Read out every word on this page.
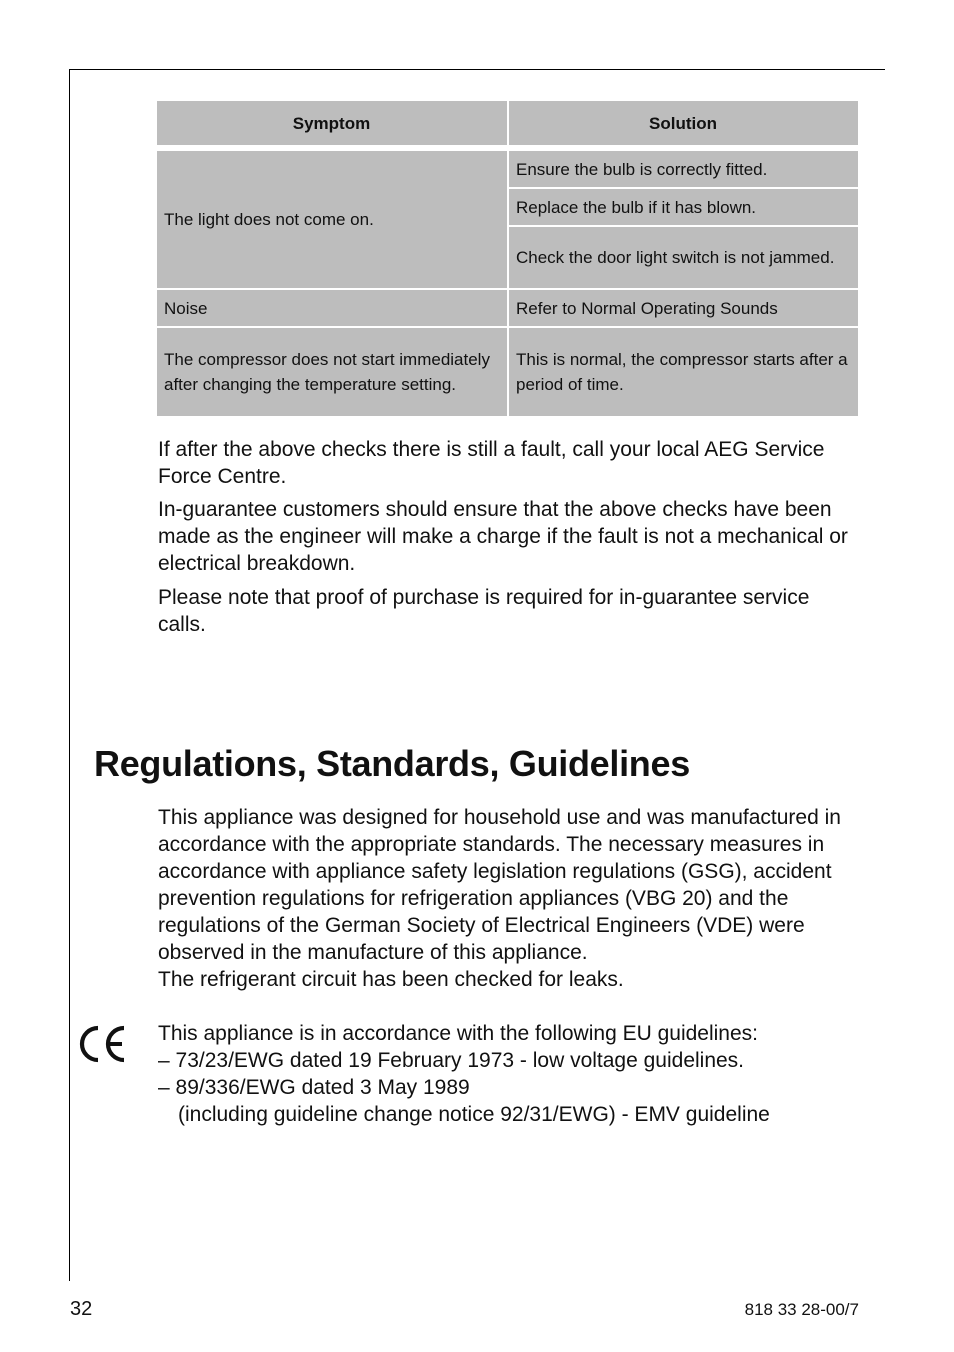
Symptom	Solution

The light does not come on.	Ensure the bulb is correctly fitted.
	Replace the bulb if it has blown.
	Check the door light switch is not jammed.
Noise	Refer to Normal Operating Sounds
The compressor does not start immediately after changing the temperature setting.	This is normal, the compressor starts after a period of time.

If after the above checks there is still a fault, call your local AEG Service Force Centre.

In-guarantee customers should ensure that the above checks have been made as the engineer will make a charge if the fault is not a mechanical or electrical breakdown.

Please note that proof of purchase is required for in-guarantee service calls.

Regulations, Standards, Guidelines

This appliance was designed for household use and was manufactured in accordance with the appropriate standards. The necessary measures in accordance with appliance safety legislation regulations (GSG), accident prevention regulations for refrigeration appliances (VBG 20) and the regulations of the German Society of Electrical Engineers (VDE) were observed in the manufacture of this appliance.
The refrigerant circuit has been checked for leaks.

This appliance is in accordance with the following EU guidelines:
– 73/23/EWG dated 19 February 1973 - low voltage guidelines.
– 89/336/EWG dated 3 May 1989
(including guideline change notice 92/31/EWG) - EMV guideline

32	818 33 28-00/7
